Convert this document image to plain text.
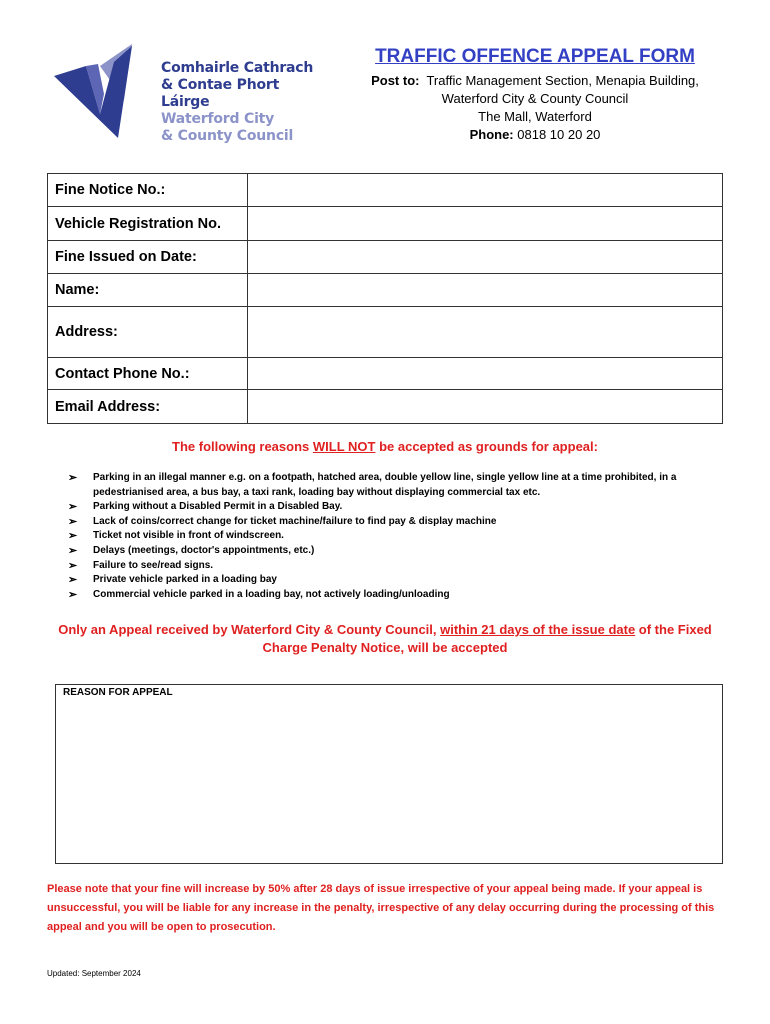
Comhairle Cathrach
& Contae Phort Láirge
Waterford City
& County Council
TRAFFIC OFFENCE APPEAL FORM
Post to: Traffic Management Section, Menapia Building,
Waterford City & County Council
The Mall, Waterford
Phone: 0818 10 20 20
Fine Notice No.:	
Vehicle Registration No.	
Fine Issued on Date:	
Name:	
Address:	
Contact Phone No.:	
Email Address:	
The following reasons WILL NOT be accepted as grounds for appeal:
➢ Parking in an illegal manner e.g. on a footpath, hatched area, double yellow line, single yellow line at a time prohibited, in a pedestrianised area, a bus bay, a taxi rank, loading bay without displaying commercial tax etc.
➢ Parking without a Disabled Permit in a Disabled Bay.
➢ Lack of coins/correct change for ticket machine/failure to find pay & display machine
➢ Ticket not visible in front of windscreen.
➢ Delays (meetings, doctor's appointments, etc.)
➢ Failure to see/read signs.
➢ Private vehicle parked in a loading bay
➢ Commercial vehicle parked in a loading bay, not actively loading/unloading
Only an Appeal received by Waterford City & County Council, within 21 days of the issue date of the Fixed Charge Penalty Notice, will be accepted
REASON FOR APPEAL
Please note that your fine will increase by 50% after 28 days of issue irrespective of your appeal being made. If your appeal is unsuccessful, you will be liable for any increase in the penalty, irrespective of any delay occurring during the processing of this appeal and you will be open to prosecution.
Updated: September 2024
